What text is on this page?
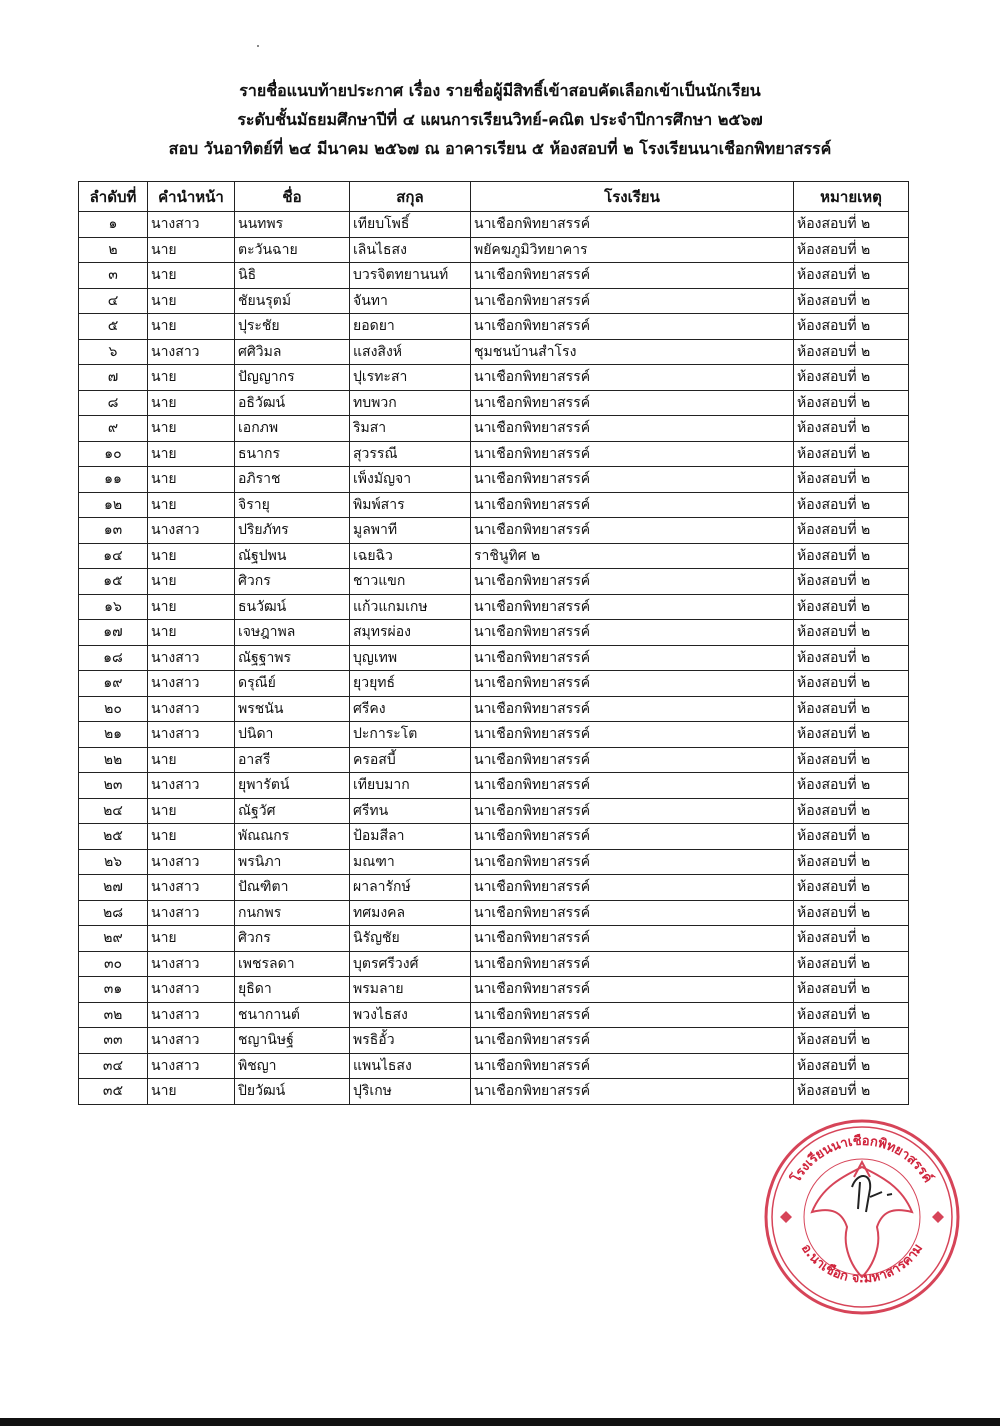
รายชื่อแนบท้ายประกาศ เรื่อง รายชื่อผู้มีสิทธิ์เข้าสอบคัดเลือกเข้าเป็นนักเรียน
ระดับชั้นมัธยมศึกษาปีที่ ๔ แผนการเรียนวิทย์-คณิต ประจำปีการศึกษา ๒๕๖๗
สอบ วันอาทิตย์ที่ ๒๔ มีนาคม ๒๕๖๗ ณ อาคารเรียน ๕ ห้องสอบที่ ๒ โรงเรียนนาเชือกพิทยาสรรค์
ลำดับที่	คำนำหน้า	ชื่อ	สกุล	โรงเรียน	หมายเหตุ
๑	นางสาว	นนทพร	เทียบโพธิ์	นาเชือกพิทยาสรรค์	ห้องสอบที่ ๒
๒	นาย	ตะวันฉาย	เลินไธสง	พยัคฆภูมิวิทยาคาร	ห้องสอบที่ ๒
๓	นาย	นิธิ	บวรจิตทยานนท์	นาเชือกพิทยาสรรค์	ห้องสอบที่ ๒
๔	นาย	ชัยนรุตม์	จันทา	นาเชือกพิทยาสรรค์	ห้องสอบที่ ๒
๕	นาย	ปุระชัย	ยอดยา	นาเชือกพิทยาสรรค์	ห้องสอบที่ ๒
๖	นางสาว	ศศิวิมล	แสงสิงห์	ชุมชนบ้านสำโรง	ห้องสอบที่ ๒
๗	นาย	ปัญญากร	ปุเรทะสา	นาเชือกพิทยาสรรค์	ห้องสอบที่ ๒
๘	นาย	อธิวัฒน์	ทบพวก	นาเชือกพิทยาสรรค์	ห้องสอบที่ ๒
๙	นาย	เอกภพ	ริมสา	นาเชือกพิทยาสรรค์	ห้องสอบที่ ๒
๑๐	นาย	ธนากร	สุวรรณี	นาเชือกพิทยาสรรค์	ห้องสอบที่ ๒
๑๑	นาย	อภิราช	เพ็งมัญจา	นาเชือกพิทยาสรรค์	ห้องสอบที่ ๒
๑๒	นาย	จิรายุ	พิมพ์สาร	นาเชือกพิทยาสรรค์	ห้องสอบที่ ๒
๑๓	นางสาว	ปริยภัทร	มูลพาที	นาเชือกพิทยาสรรค์	ห้องสอบที่ ๒
๑๔	นาย	ณัฐปพน	เฉยฉิว	ราชินูทิศ ๒	ห้องสอบที่ ๒
๑๕	นาย	ศิวกร	ชาวแขก	นาเชือกพิทยาสรรค์	ห้องสอบที่ ๒
๑๖	นาย	ธนวัฒน์	แก้วแกมเกษ	นาเชือกพิทยาสรรค์	ห้องสอบที่ ๒
๑๗	นาย	เจษฎาพล	สมุทรผ่อง	นาเชือกพิทยาสรรค์	ห้องสอบที่ ๒
๑๘	นางสาว	ณัฐฐาพร	บุญเทพ	นาเชือกพิทยาสรรค์	ห้องสอบที่ ๒
๑๙	นางสาว	ดรุณีย์	ยุวยุทธ์	นาเชือกพิทยาสรรค์	ห้องสอบที่ ๒
๒๐	นางสาว	พรชนัน	ศรีคง	นาเชือกพิทยาสรรค์	ห้องสอบที่ ๒
๒๑	นางสาว	ปนิดา	ปะการะโต	นาเชือกพิทยาสรรค์	ห้องสอบที่ ๒
๒๒	นาย	อาสรี	ครอสบี้	นาเชือกพิทยาสรรค์	ห้องสอบที่ ๒
๒๓	นางสาว	ยุพารัตน์	เทียบมาก	นาเชือกพิทยาสรรค์	ห้องสอบที่ ๒
๒๔	นาย	ณัฐวัศ	ศรีทน	นาเชือกพิทยาสรรค์	ห้องสอบที่ ๒
๒๕	นาย	พัณณกร	ป้อมสีลา	นาเชือกพิทยาสรรค์	ห้องสอบที่ ๒
๒๖	นางสาว	พรนิภา	มณฑา	นาเชือกพิทยาสรรค์	ห้องสอบที่ ๒
๒๗	นางสาว	ปัณฑิตา	ผาลารักษ์	นาเชือกพิทยาสรรค์	ห้องสอบที่ ๒
๒๘	นางสาว	กนกพร	ทศมงคล	นาเชือกพิทยาสรรค์	ห้องสอบที่ ๒
๒๙	นาย	ศิวกร	นิรัญชัย	นาเชือกพิทยาสรรค์	ห้องสอบที่ ๒
๓๐	นางสาว	เพชรลดา	บุตรศรีวงศ์	นาเชือกพิทยาสรรค์	ห้องสอบที่ ๒
๓๑	นางสาว	ยุธิดา	พรมลาย	นาเชือกพิทยาสรรค์	ห้องสอบที่ ๒
๓๒	นางสาว	ชนากานต์	พวงไธสง	นาเชือกพิทยาสรรค์	ห้องสอบที่ ๒
๓๓	นางสาว	ชญานิษฐ์	พรธิอั้ว	นาเชือกพิทยาสรรค์	ห้องสอบที่ ๒
๓๔	นางสาว	พิชญา	แพนไธสง	นาเชือกพิทยาสรรค์	ห้องสอบที่ ๒
๓๕	นาย	ปิยวัฒน์	ปุริเกษ	นาเชือกพิทยาสรรค์	ห้องสอบที่ ๒
โรงเรียนนาเชือกพิทยาสรรค์
อ.นาเชือก จ.มหาสารคาม
